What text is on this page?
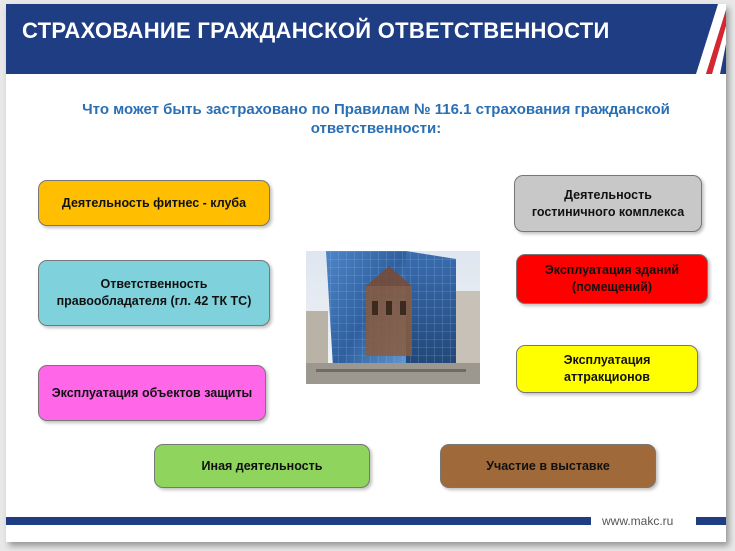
СТРАХОВАНИЕ ГРАЖДАНСКОЙ ОТВЕТСТВЕННОСТИ
Что может быть застраховано по Правилам № 116.1 страхования гражданской ответственности:
Деятельность фитнес - клуба
Деятельность гостиничного комплекса
Ответственность правообладателя (гл. 42 ТК ТС)
Эксплуатация зданий (помещений)
Эксплуатация аттракционов
Эксплуатация объектов защиты
Иная деятельность	Участие в выставке
www.makc.ru
